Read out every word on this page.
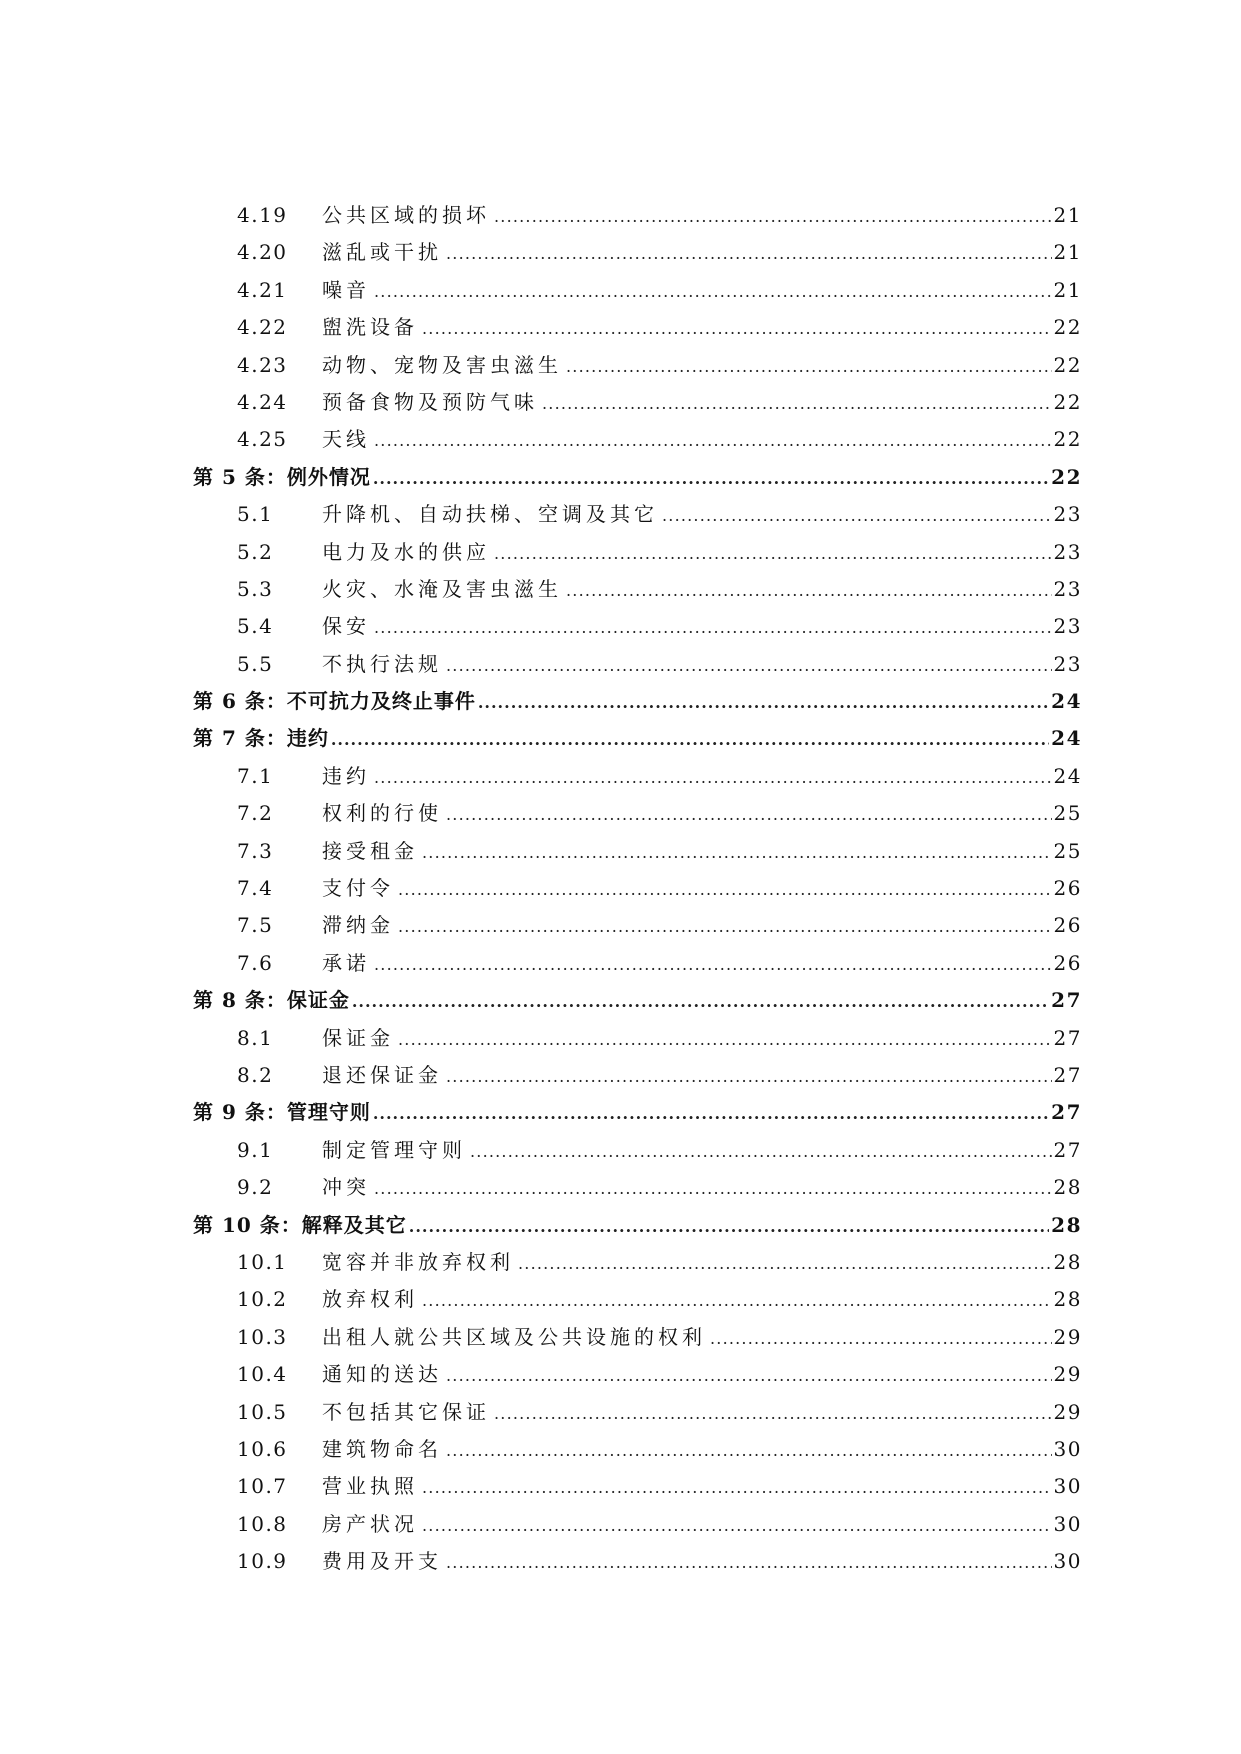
4.19	公共区域的损坏 .....	21
4.20	滋乱或干扰 .....	21
4.21	噪音 .....	21
4.22	盥洗设备 .....	22
4.23	动物、宠物及害虫滋生 .....	22
4.24	预备食物及预防气味 .....	22
4.25	天线 .....	22
第 5 条：例外情况 .....	22
5.1	升降机、自动扶梯、空调及其它 .....	23
5.2	电力及水的供应 .....	23
5.3	火灾、水淹及害虫滋生 .....	23
5.4	保安 .....	23
5.5	不执行法规 .....	23
第 6 条：不可抗力及终止事件 .....	24
第 7 条：违约 .....	24
7.1	违约 .....	24
7.2	权利的行使 .....	25
7.3	接受租金 .....	25
7.4	支付令 .....	26
7.5	滞纳金 .....	26
7.6	承诺 .....	26
第 8 条：保证金 .....	27
8.1	保证金 .....	27
8.2	退还保证金 .....	27
第 9 条：管理守则 .....	27
9.1	制定管理守则 .....	27
9.2	冲突 .....	28
第 10 条：解释及其它 .....	28
10.1	宽容并非放弃权利 .....	28
10.2	放弃权利 .....	28
10.3	出租人就公共区域及公共设施的权利 .....	29
10.4	通知的送达 .....	29
10.5	不包括其它保证 .....	29
10.6	建筑物命名 .....	30
10.7	营业执照 .....	30
10.8	房产状况 .....	30
10.9	费用及开支 .....	30
